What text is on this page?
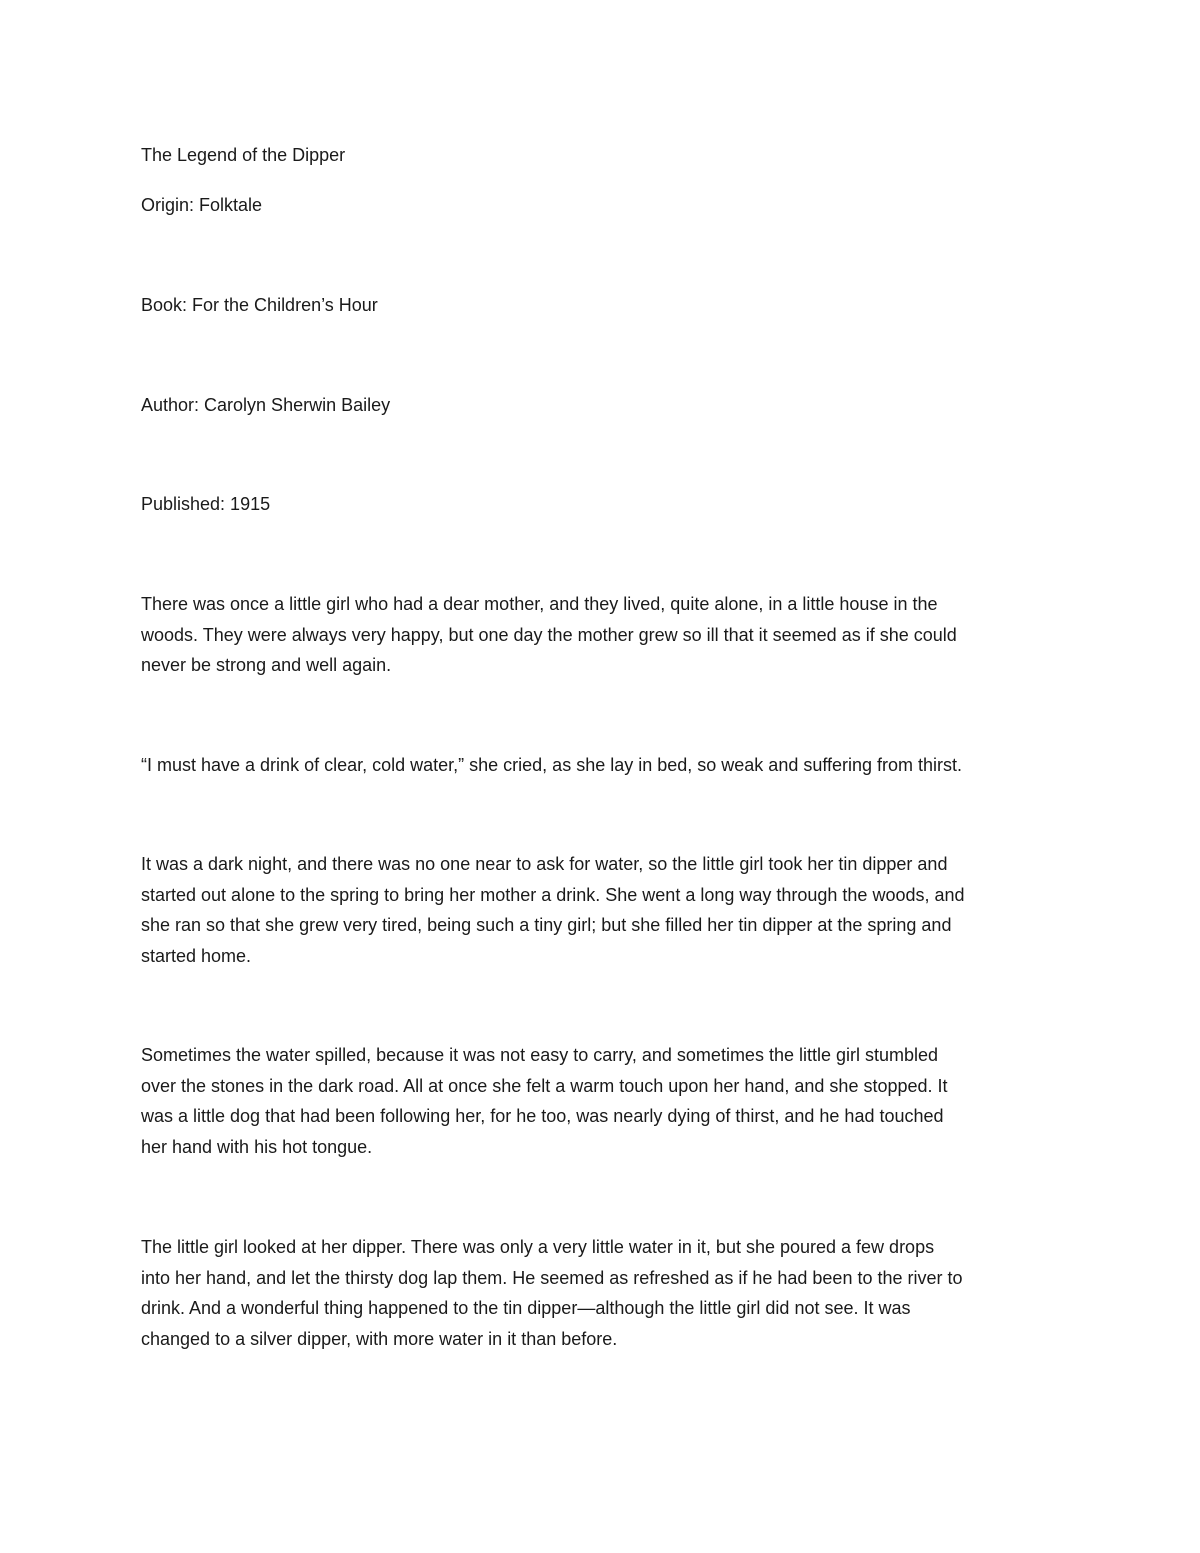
The Legend of the Dipper

Origin: Folktale

Book: For the Children’s Hour

Author: Carolyn Sherwin Bailey

Published: 1915

There was once a little girl who had a dear mother, and they lived, quite alone, in a little house in the
woods. They were always very happy, but one day the mother grew so ill that it seemed as if she could
never be strong and well again.
“I must have a drink of clear, cold water,” she cried, as she lay in bed, so weak and suffering from thirst.
It was a dark night, and there was no one near to ask for water, so the little girl took her tin dipper and
started out alone to the spring to bring her mother a drink. She went a long way through the woods, and
she ran so that she grew very tired, being such a tiny girl; but she filled her tin dipper at the spring and
started home.
Sometimes the water spilled, because it was not easy to carry, and sometimes the little girl stumbled
over the stones in the dark road. All at once she felt a warm touch upon her hand, and she stopped. It
was a little dog that had been following her, for he too, was nearly dying of thirst, and he had touched
her hand with his hot tongue.
The little girl looked at her dipper. There was only a very little water in it, but she poured a few drops
into her hand, and let the thirsty dog lap them. He seemed as refreshed as if he had been to the river to
drink. And a wonderful thing happened to the tin dipper—although the little girl did not see. It was
changed to a silver dipper, with more water in it than before.
